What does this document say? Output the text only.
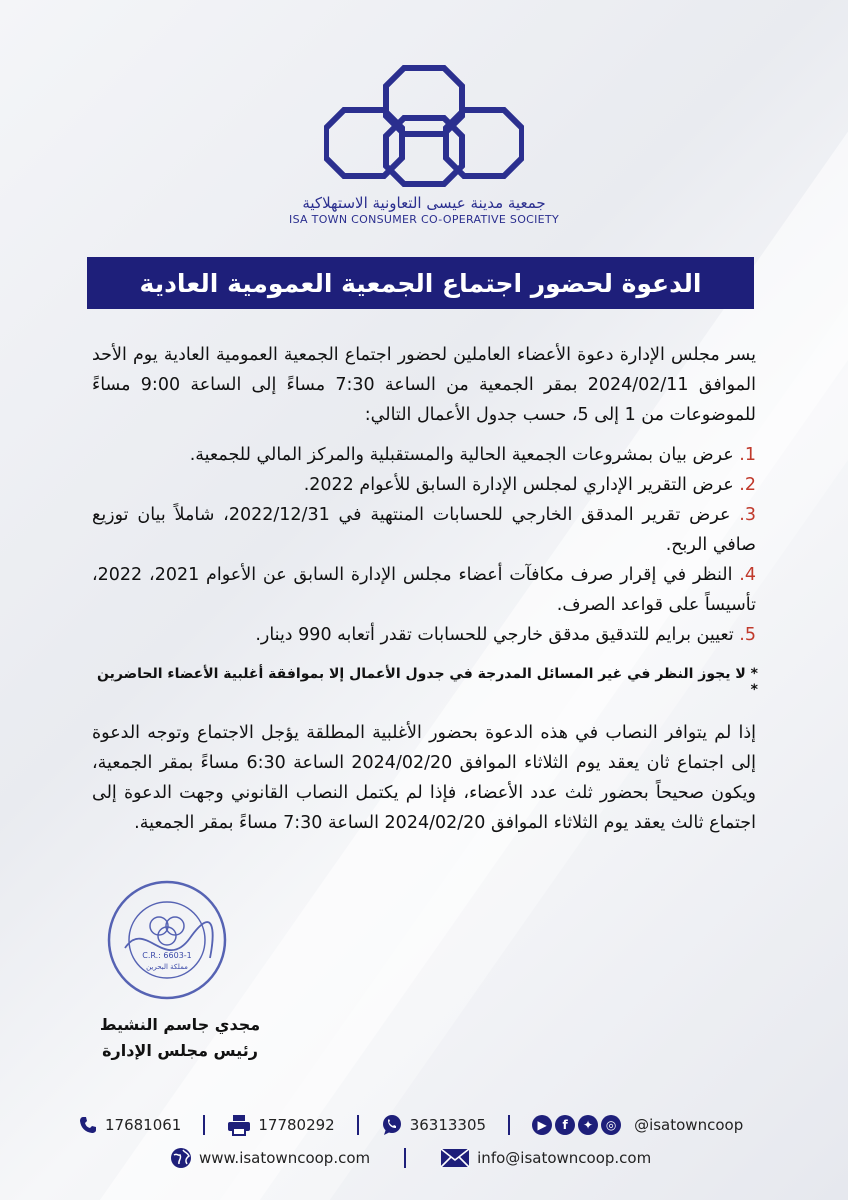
جمعية مدينة عيسى التعاونية الاستهلاكية
ISA TOWN CONSUMER CO-OPERATIVE SOCIETY
الدعوة لحضور اجتماع الجمعية العمومية العادية
يسر مجلس الإدارة دعوة الأعضاء العاملين لحضور اجتماع الجمعية العمومية العادية يوم الأحد الموافق 2024/02/11 بمقر الجمعية من الساعة 7:30 مساءً إلى الساعة 9:00 مساءً للموضوعات من 1 إلى 5، حسب جدول الأعمال التالي:
1. عرض بيان بمشروعات الجمعية الحالية والمستقبلية والمركز المالي للجمعية.
2. عرض التقرير الإداري لمجلس الإدارة السابق للأعوام 2022.
3. عرض تقرير المدقق الخارجي للحسابات المنتهية في 2022/12/31، شاملاً بيان توزيع صافي الربح.
4. النظر في إقرار صرف مكافآت أعضاء مجلس الإدارة السابق عن الأعوام 2021، 2022، تأسيساً على قواعد الصرف.
5. تعيين برايم للتدقيق مدقق خارجي للحسابات تقدر أتعابه 990 دينار.
* لا يجوز النظر في غير المسائل المدرجة في جدول الأعمال إلا بموافقة أغلبية الأعضاء الحاضرين *
إذا لم يتوافر النصاب في هذه الدعوة بحضور الأغلبية المطلقة يؤجل الاجتماع وتوجه الدعوة إلى اجتماع ثان يعقد يوم الثلاثاء الموافق 2024/02/20 الساعة 6:30 مساءً بمقر الجمعية، ويكون صحيحاً بحضور ثلث عدد الأعضاء، فإذا لم يكتمل النصاب القانوني وجهت الدعوة إلى اجتماع ثالث يعقد يوم الثلاثاء الموافق 2024/02/20 الساعة 7:30 مساءً بمقر الجمعية.
C.R.: 6603-1
مملكة البحرين
مجدي جاسم النشيط
رئيس مجلس الإدارة
17681061	17780292	36313305	▶	f	✦	◎	@isatowncoop
www.isatowncoop.com	info@isatowncoop.com
